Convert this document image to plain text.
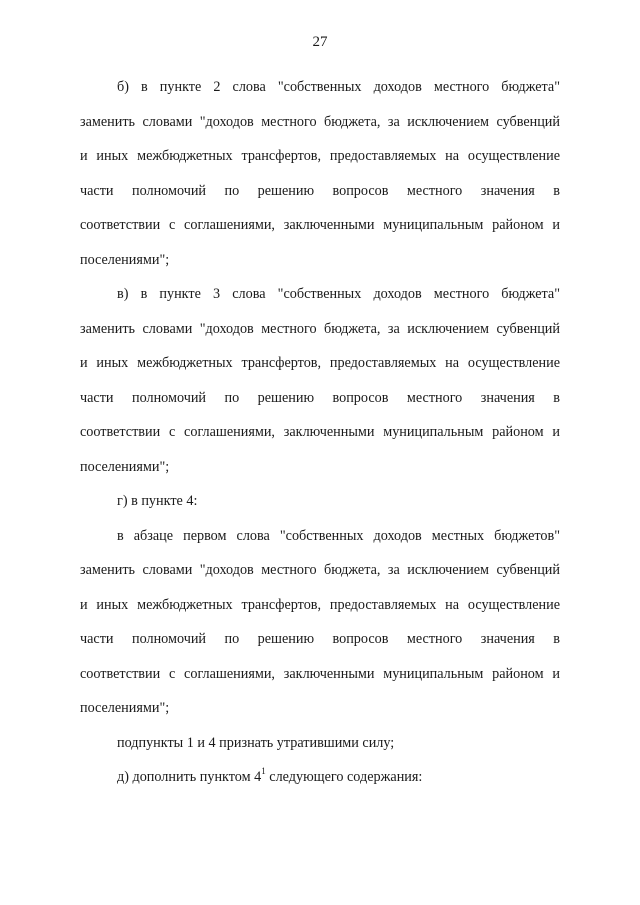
27
б) в пункте 2 слова "собственных доходов местного бюджета"
заменить словами "доходов местного бюджета, за исключением субвенций
и иных межбюджетных трансфертов, предоставляемых на осуществление
части полномочий по решению вопросов местного значения в
соответствии с соглашениями, заключенными муниципальным районом и
поселениями";
в) в пункте 3 слова "собственных доходов местного бюджета"
заменить словами "доходов местного бюджета, за исключением субвенций
и иных межбюджетных трансфертов, предоставляемых на осуществление
части полномочий по решению вопросов местного значения в
соответствии с соглашениями, заключенными муниципальным районом и
поселениями";
г) в пункте 4:
в абзаце первом слова "собственных доходов местных бюджетов"
заменить словами "доходов местного бюджета, за исключением субвенций
и иных межбюджетных трансфертов, предоставляемых на осуществление
части полномочий по решению вопросов местного значения в
соответствии с соглашениями, заключенными муниципальным районом и
поселениями";
подпункты 1 и 4 признать утратившими силу;
д) дополнить пунктом $4^1$ следующего содержания:
